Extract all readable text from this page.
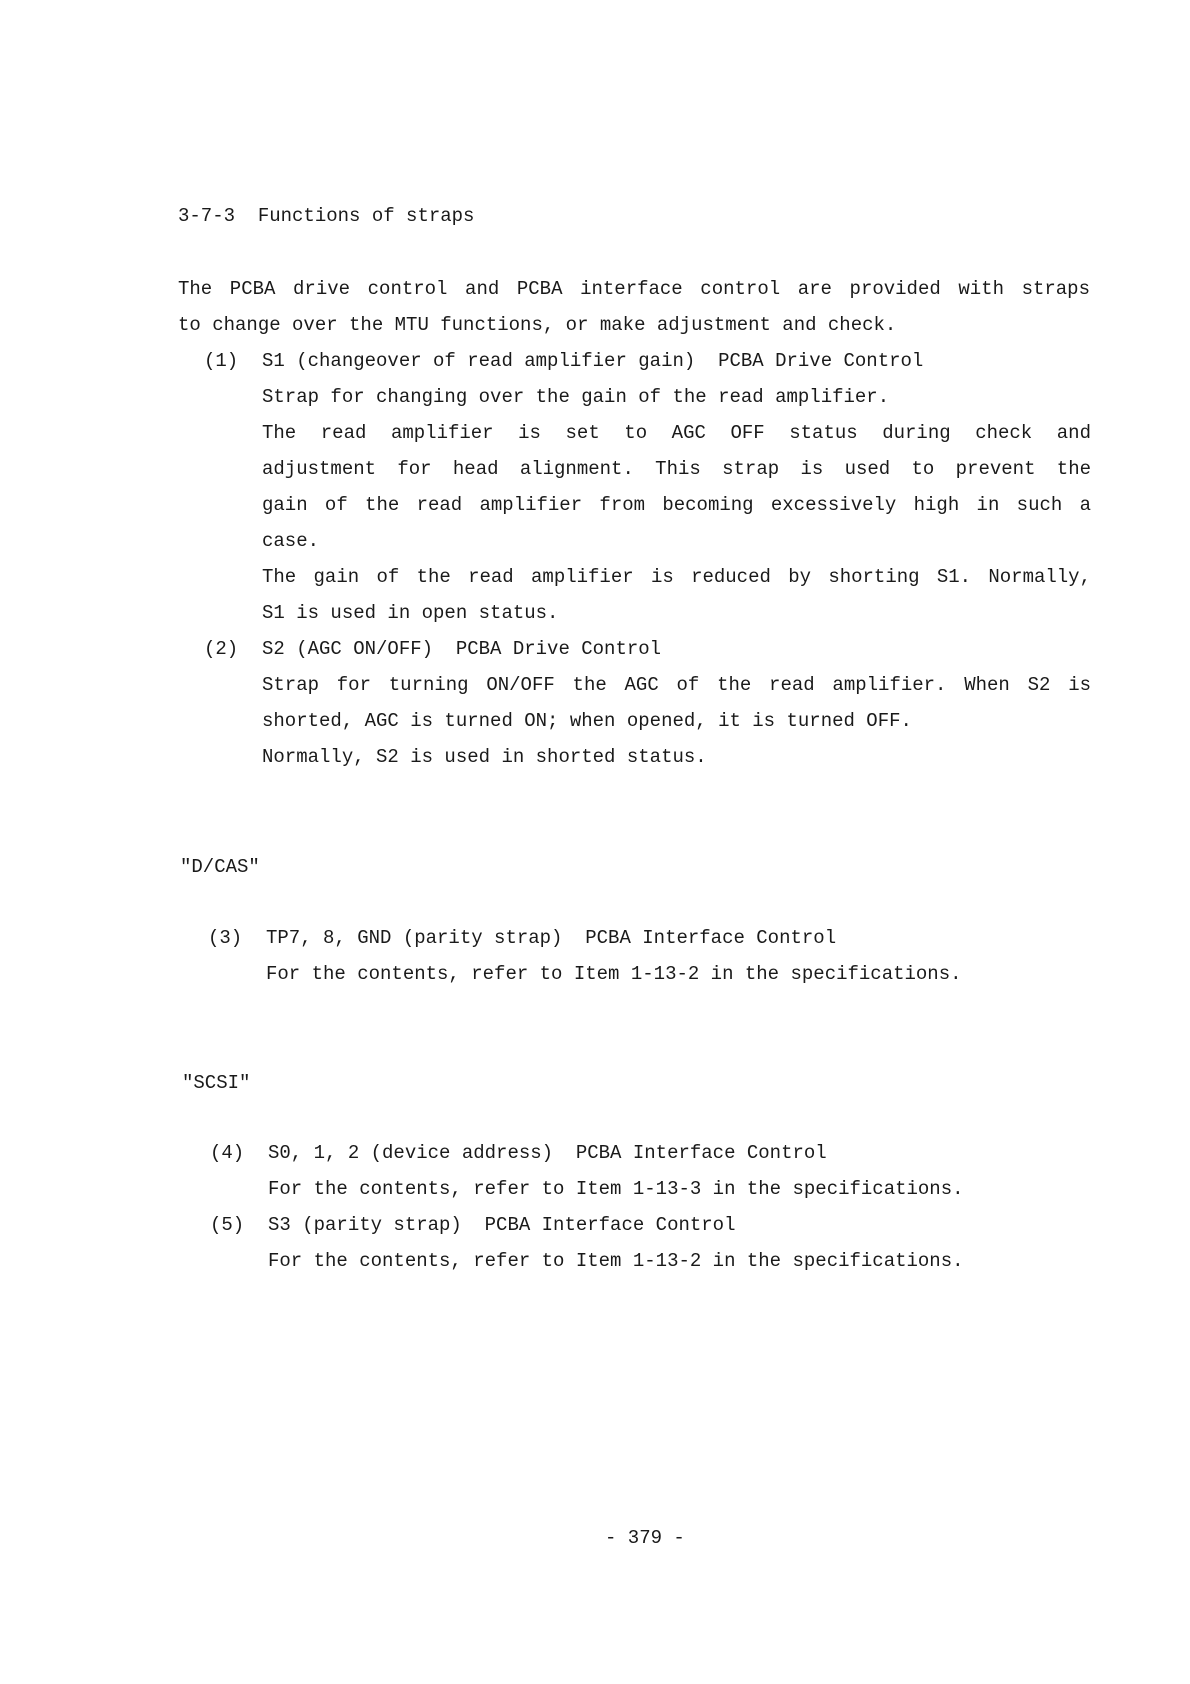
3-7-3  Functions of straps
The PCBA drive control and PCBA interface control are provided with straps
to change over the MTU functions, or make adjustment and check.
(1) S1 (changeover of read amplifier gain)  PCBA Drive Control
Strap for changing over the gain of the read amplifier.
The read amplifier is set to AGC OFF status during check and
adjustment for head alignment. This strap is used to prevent the
gain of the read amplifier from becoming excessively high in such a
case.
The gain of the read amplifier is reduced by shorting S1. Normally,
S1 is used in open status.
(2) S2 (AGC ON/OFF)  PCBA Drive Control
Strap for turning ON/OFF the AGC of the read amplifier. When S2 is
shorted, AGC is turned ON; when opened, it is turned OFF.
Normally, S2 is used in shorted status.
"D/CAS"
(3) TP7, 8, GND (parity strap)  PCBA Interface Control
For the contents, refer to Item 1-13-2 in the specifications.
"SCSI"
(4) S0, 1, 2 (device address)  PCBA Interface Control
For the contents, refer to Item 1-13-3 in the specifications.
(5) S3 (parity strap)  PCBA Interface Control
For the contents, refer to Item 1-13-2 in the specifications.
- 379 -
